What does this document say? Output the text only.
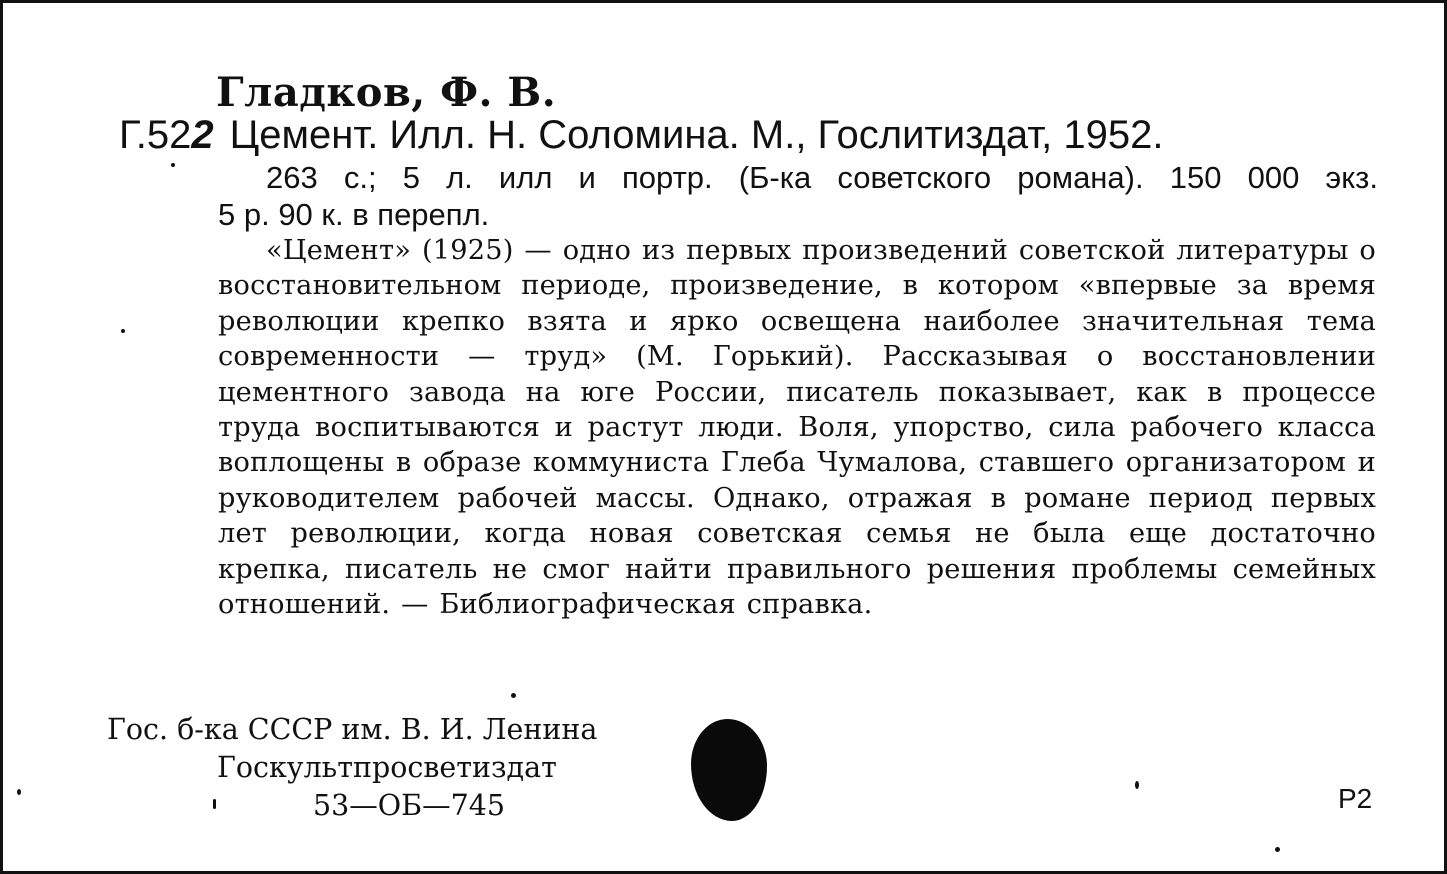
Гладков, Ф. В.
Г.522 Цемент. Илл. Н. Соломина. М., Гослитиздат, 1952.

263 с.; 5 л. илл и портр. (Б-ка советского романа). 150 000 экз.
5 р. 90 к. в перепл.

«Цемент» (1925) — одно из первых произведений советской литературы о восстановительном периоде, произведение, в котором «впервые за время революции крепко взята и ярко освещена наиболее значительная тема современности — труд» (М. Горький). Рассказывая о восстановлении цементного завода на юге России, писатель показывает, как в процессе труда воспитываются и растут люди. Воля, упорство, сила рабочего класса воплощены в образе коммуниста Глеба Чумалова, ставшего организатором и руководителем рабочей массы. Однако, отражая в романе период первых лет революции, когда новая советская семья не была еще достаточно крепка, писатель не смог найти правильного решения проблемы семейных отношений. — Библиографическая справка.

Гос. б-ка СССР им. В. И. Ленина
Госкультпросветиздат
53—ОБ—745	Р2
